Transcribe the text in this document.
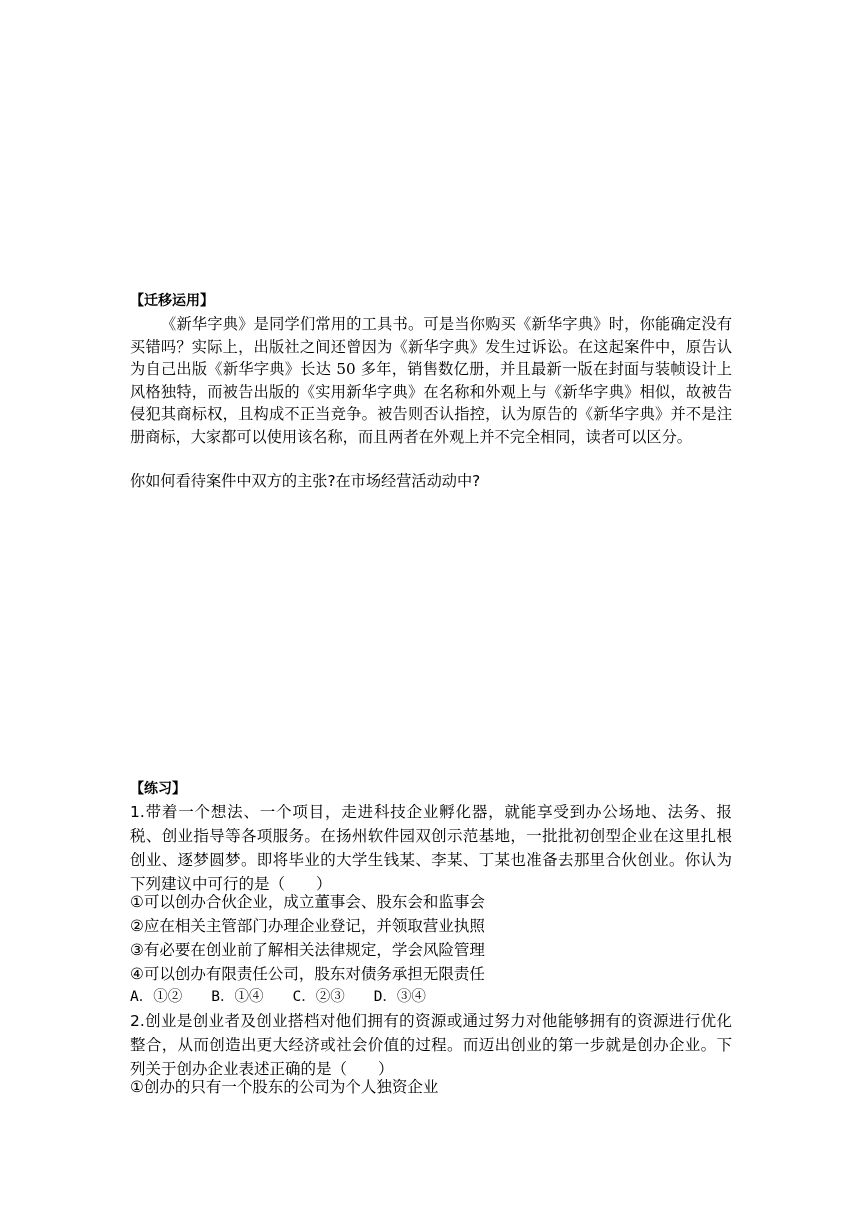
【迁移运用】

《新华字典》是同学们常用的工具书。可是当你购买《新华字典》时，你能确定没有买错吗？实际上，出版社之间还曾因为《新华字典》发生过诉讼。在这起案件中，原告认为自己出版《新华字典》长达 50 多年，销售数亿册，并且最新一版在封面与装帧设计上风格独特，而被告出版的《实用新华字典》在名称和外观上与《新华字典》相似，故被告侵犯其商标权，且构成不正当竞争。被告则否认指控，认为原告的《新华字典》并不是注册商标，大家都可以使用该名称，而且两者在外观上并不完全相同，读者可以区分。

你如何看待案件中双方的主张?在市场经营活动动中?

【练习】

1.带着一个想法、一个项目，走进科技企业孵化器，就能享受到办公场地、法务、报税、创业指导等各项服务。在扬州软件园双创示范基地，一批批初创型企业在这里扎根创业、逐梦圆梦。即将毕业的大学生钱某、李某、丁某也准备去那里合伙创业。你认为下列建议中可行的是（　　）

①可以创办合伙企业，成立董事会、股东会和监事会

②应在相关主管部门办理企业登记，并领取营业执照

③有必要在创业前了解相关法律规定，学会风险管理

④可以创办有限责任公司，股东对债务承担无限责任

A．①②　　B．①④　　C．②③　　D．③④

2.创业是创业者及创业搭档对他们拥有的资源或通过努力对他能够拥有的资源进行优化整合，从而创造出更大经济或社会价值的过程。而迈出创业的第一步就是创办企业。下列关于创办企业表述正确的是（　　）

①创办的只有一个股东的公司为个人独资企业
